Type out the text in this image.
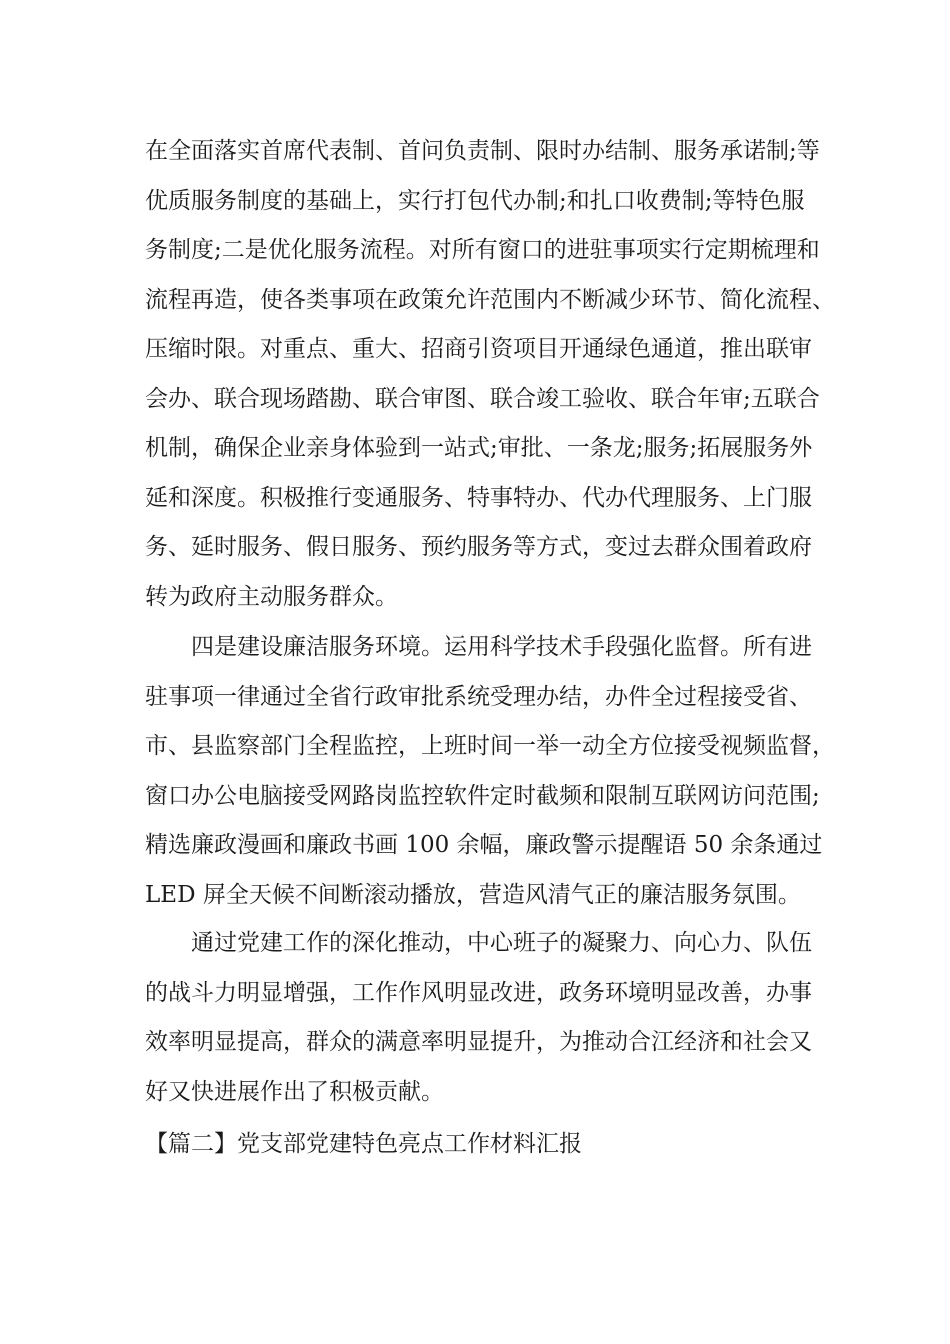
在全面落实首席代表制、首问负责制、限时办结制、服务承诺制;等
优质服务制度的基础上，实行打包代办制;和扎口收费制;等特色服
务制度;二是优化服务流程。对所有窗口的进驻事项实行定期梳理和
流程再造，使各类事项在政策允许范围内不断减少环节、简化流程、
压缩时限。对重点、重大、招商引资项目开通绿色通道，推出联审
会办、联合现场踏勘、联合审图、联合竣工验收、联合年审;五联合
机制，确保企业亲身体验到一站式;审批、一条龙;服务;拓展服务外
延和深度。积极推行变通服务、特事特办、代办代理服务、上门服
务、延时服务、假日服务、预约服务等方式，变过去群众围着政府
转为政府主动服务群众。
四是建设廉洁服务环境。运用科学技术手段强化监督。所有进
驻事项一律通过全省行政审批系统受理办结，办件全过程接受省、
市、县监察部门全程监控，上班时间一举一动全方位接受视频监督，
窗口办公电脑接受网路岗监控软件定时截频和限制互联网访问范围;
精选廉政漫画和廉政书画 100 余幅，廉政警示提醒语 50 余条通过
LED 屏全天候不间断滚动播放，营造风清气正的廉洁服务氛围。
通过党建工作的深化推动，中心班子的凝聚力、向心力、队伍
的战斗力明显增强，工作作风明显改进，政务环境明显改善，办事
效率明显提高，群众的满意率明显提升，为推动合江经济和社会又
好又快进展作出了积极贡献。
【篇二】党支部党建特色亮点工作材料汇报
